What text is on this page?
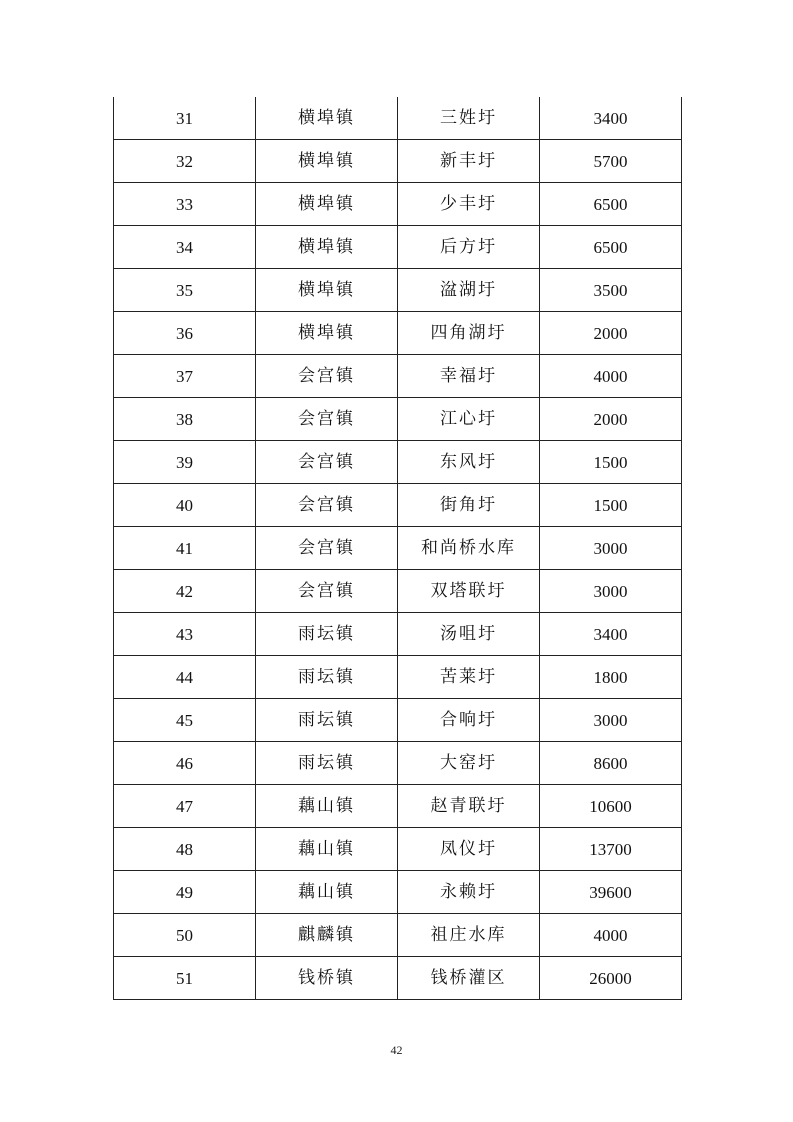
31	横埠镇	三姓圩	3400
32	横埠镇	新丰圩	5700
33	横埠镇	少丰圩	6500
34	横埠镇	后方圩	6500
35	横埠镇	湓湖圩	3500
36	横埠镇	四角湖圩	2000
37	会宫镇	幸福圩	4000
38	会宫镇	江心圩	2000
39	会宫镇	东风圩	1500
40	会宫镇	街角圩	1500
41	会宫镇	和尚桥水库	3000
42	会宫镇	双塔联圩	3000
43	雨坛镇	汤咀圩	3400
44	雨坛镇	苦莱圩	1800
45	雨坛镇	合响圩	3000
46	雨坛镇	大窑圩	8600
47	藕山镇	赵青联圩	10600
48	藕山镇	凤仪圩	13700
49	藕山镇	永赖圩	39600
50	麒麟镇	祖庄水库	4000
51	钱桥镇	钱桥灌区	26000
42
